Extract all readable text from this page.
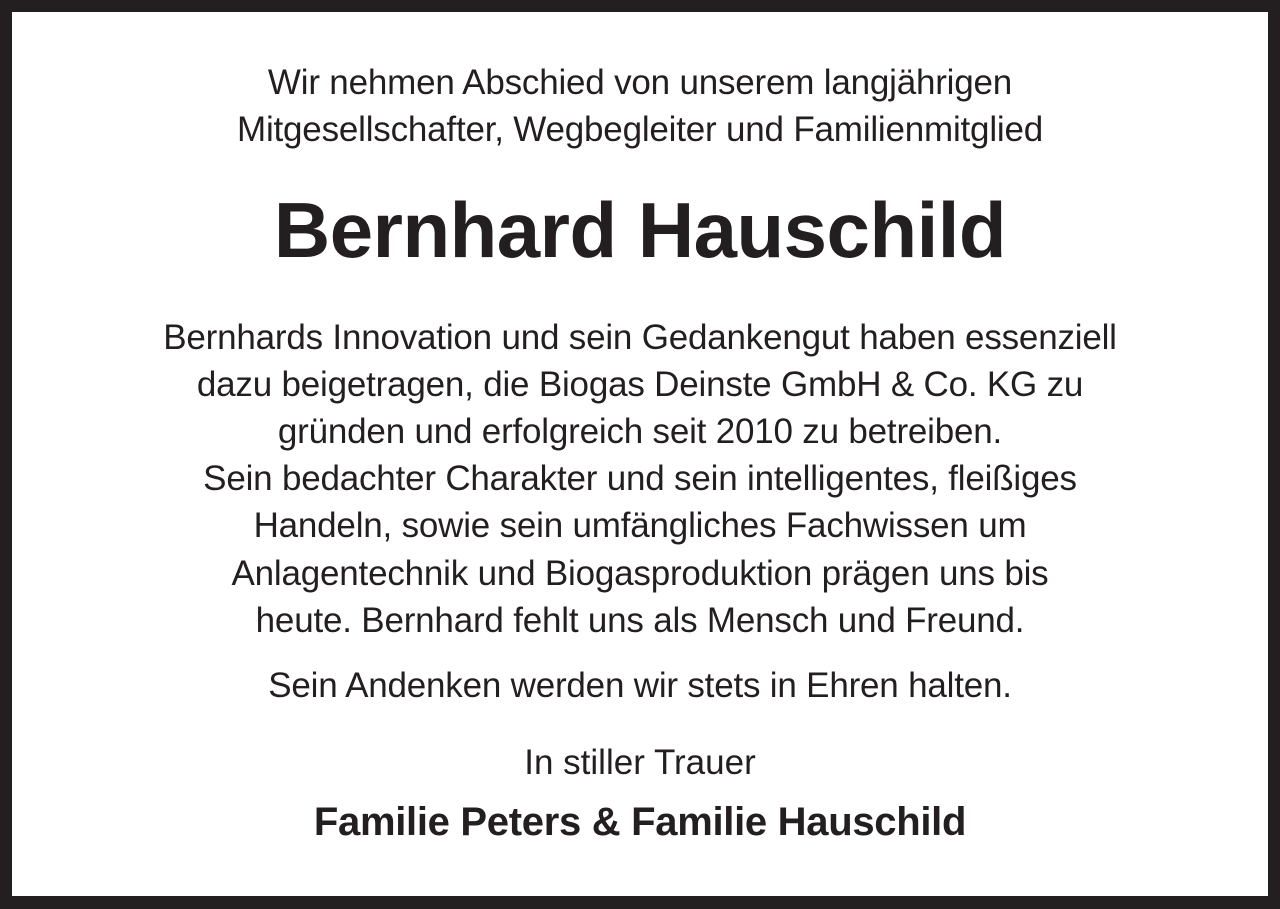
Wir nehmen Abschied von unserem langjährigen

Mitgesellschafter, Wegbegleiter und Familienmitglied

Bernhard Hauschild

Bernhards Innovation und sein Gedankengut haben essenziell

dazu beigetragen, die Biogas Deinste GmbH & Co. KG zu

gründen und erfolgreich seit 2010 zu betreiben.

Sein bedachter Charakter und sein intelligentes, fleißiges

Handeln, sowie sein umfängliches Fachwissen um

Anlagentechnik und Biogasproduktion prägen uns bis

heute. Bernhard fehlt uns als Mensch und Freund.

Sein Andenken werden wir stets in Ehren halten.

In stiller Trauer

Familie Peters & Familie Hauschild
